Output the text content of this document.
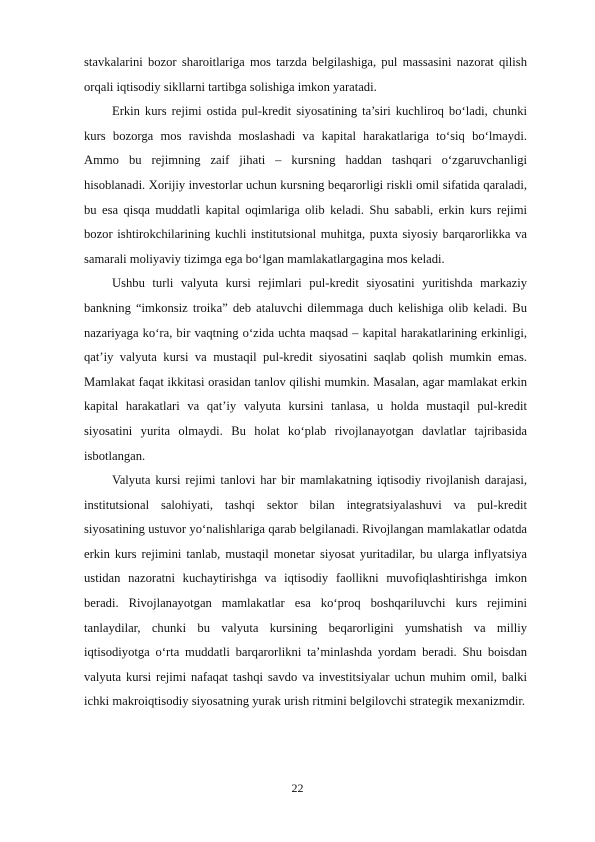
stavkalarini bozor sharoitlariga mos tarzda belgilashiga, pul massasini nazorat qilish orqali iqtisodiy sikllarni tartibga solishiga imkon yaratadi.

Erkin kurs rejimi ostida pul-kredit siyosatining ta’siri kuchliroq bo‘ladi, chunki kurs bozorga mos ravishda moslashadi va kapital harakatlariga to‘siq bo‘lmaydi. Ammo bu rejimning zaif jihati – kursning haddan tashqari o‘zgaruvchanligi hisoblanadi. Xorijiy investorlar uchun kursning beqarorligi riskli omil sifatida qaraladi, bu esa qisqa muddatli kapital oqimlariga olib keladi. Shu sababli, erkin kurs rejimi bozor ishtirokchilarining kuchli institutsional muhitga, puxta siyosiy barqarorlikka va samarali moliyaviy tizimga ega bo‘lgan mamlakatlargagina mos keladi.

Ushbu turli valyuta kursi rejimlari pul-kredit siyosatini yuritishda markaziy bankning “imkonsiz troika” deb ataluvchi dilemmaga duch kelishiga olib keladi. Bu nazariyaga ko‘ra, bir vaqtning o‘zida uchta maqsad – kapital harakatlarining erkinligi, qat’iy valyuta kursi va mustaqil pul-kredit siyosatini saqlab qolish mumkin emas. Mamlakat faqat ikkitasi orasidan tanlov qilishi mumkin. Masalan, agar mamlakat erkin kapital harakatlari va qat’iy valyuta kursini tanlasa, u holda mustaqil pul-kredit siyosatini yurita olmaydi. Bu holat ko‘plab rivojlanayotgan davlatlar tajribasida isbotlangan.

Valyuta kursi rejimi tanlovi har bir mamlakatning iqtisodiy rivojlanish darajasi, institutsional salohiyati, tashqi sektor bilan integratsiyalashuvi va pul-kredit siyosatining ustuvor yo‘nalishlariga qarab belgilanadi. Rivojlangan mamlakatlar odatda erkin kurs rejimini tanlab, mustaqil monetar siyosat yuritadilar, bu ularga inflyatsiya ustidan nazoratni kuchaytirishga va iqtisodiy faollikni muvofiqlashtirishga imkon beradi. Rivojlanayotgan mamlakatlar esa ko‘proq boshqariluvchi kurs rejimini tanlaydilar, chunki bu valyuta kursining beqarorligini yumshatish va milliy iqtisodiyotga o‘rta muddatli barqarorlikni ta’minlashda yordam beradi. Shu boisdan valyuta kursi rejimi nafaqat tashqi savdo va investitsiyalar uchun muhim omil, balki ichki makroiqtisodiy siyosatning yurak urish ritmini belgilovchi strategik mexanizmdir.

22
